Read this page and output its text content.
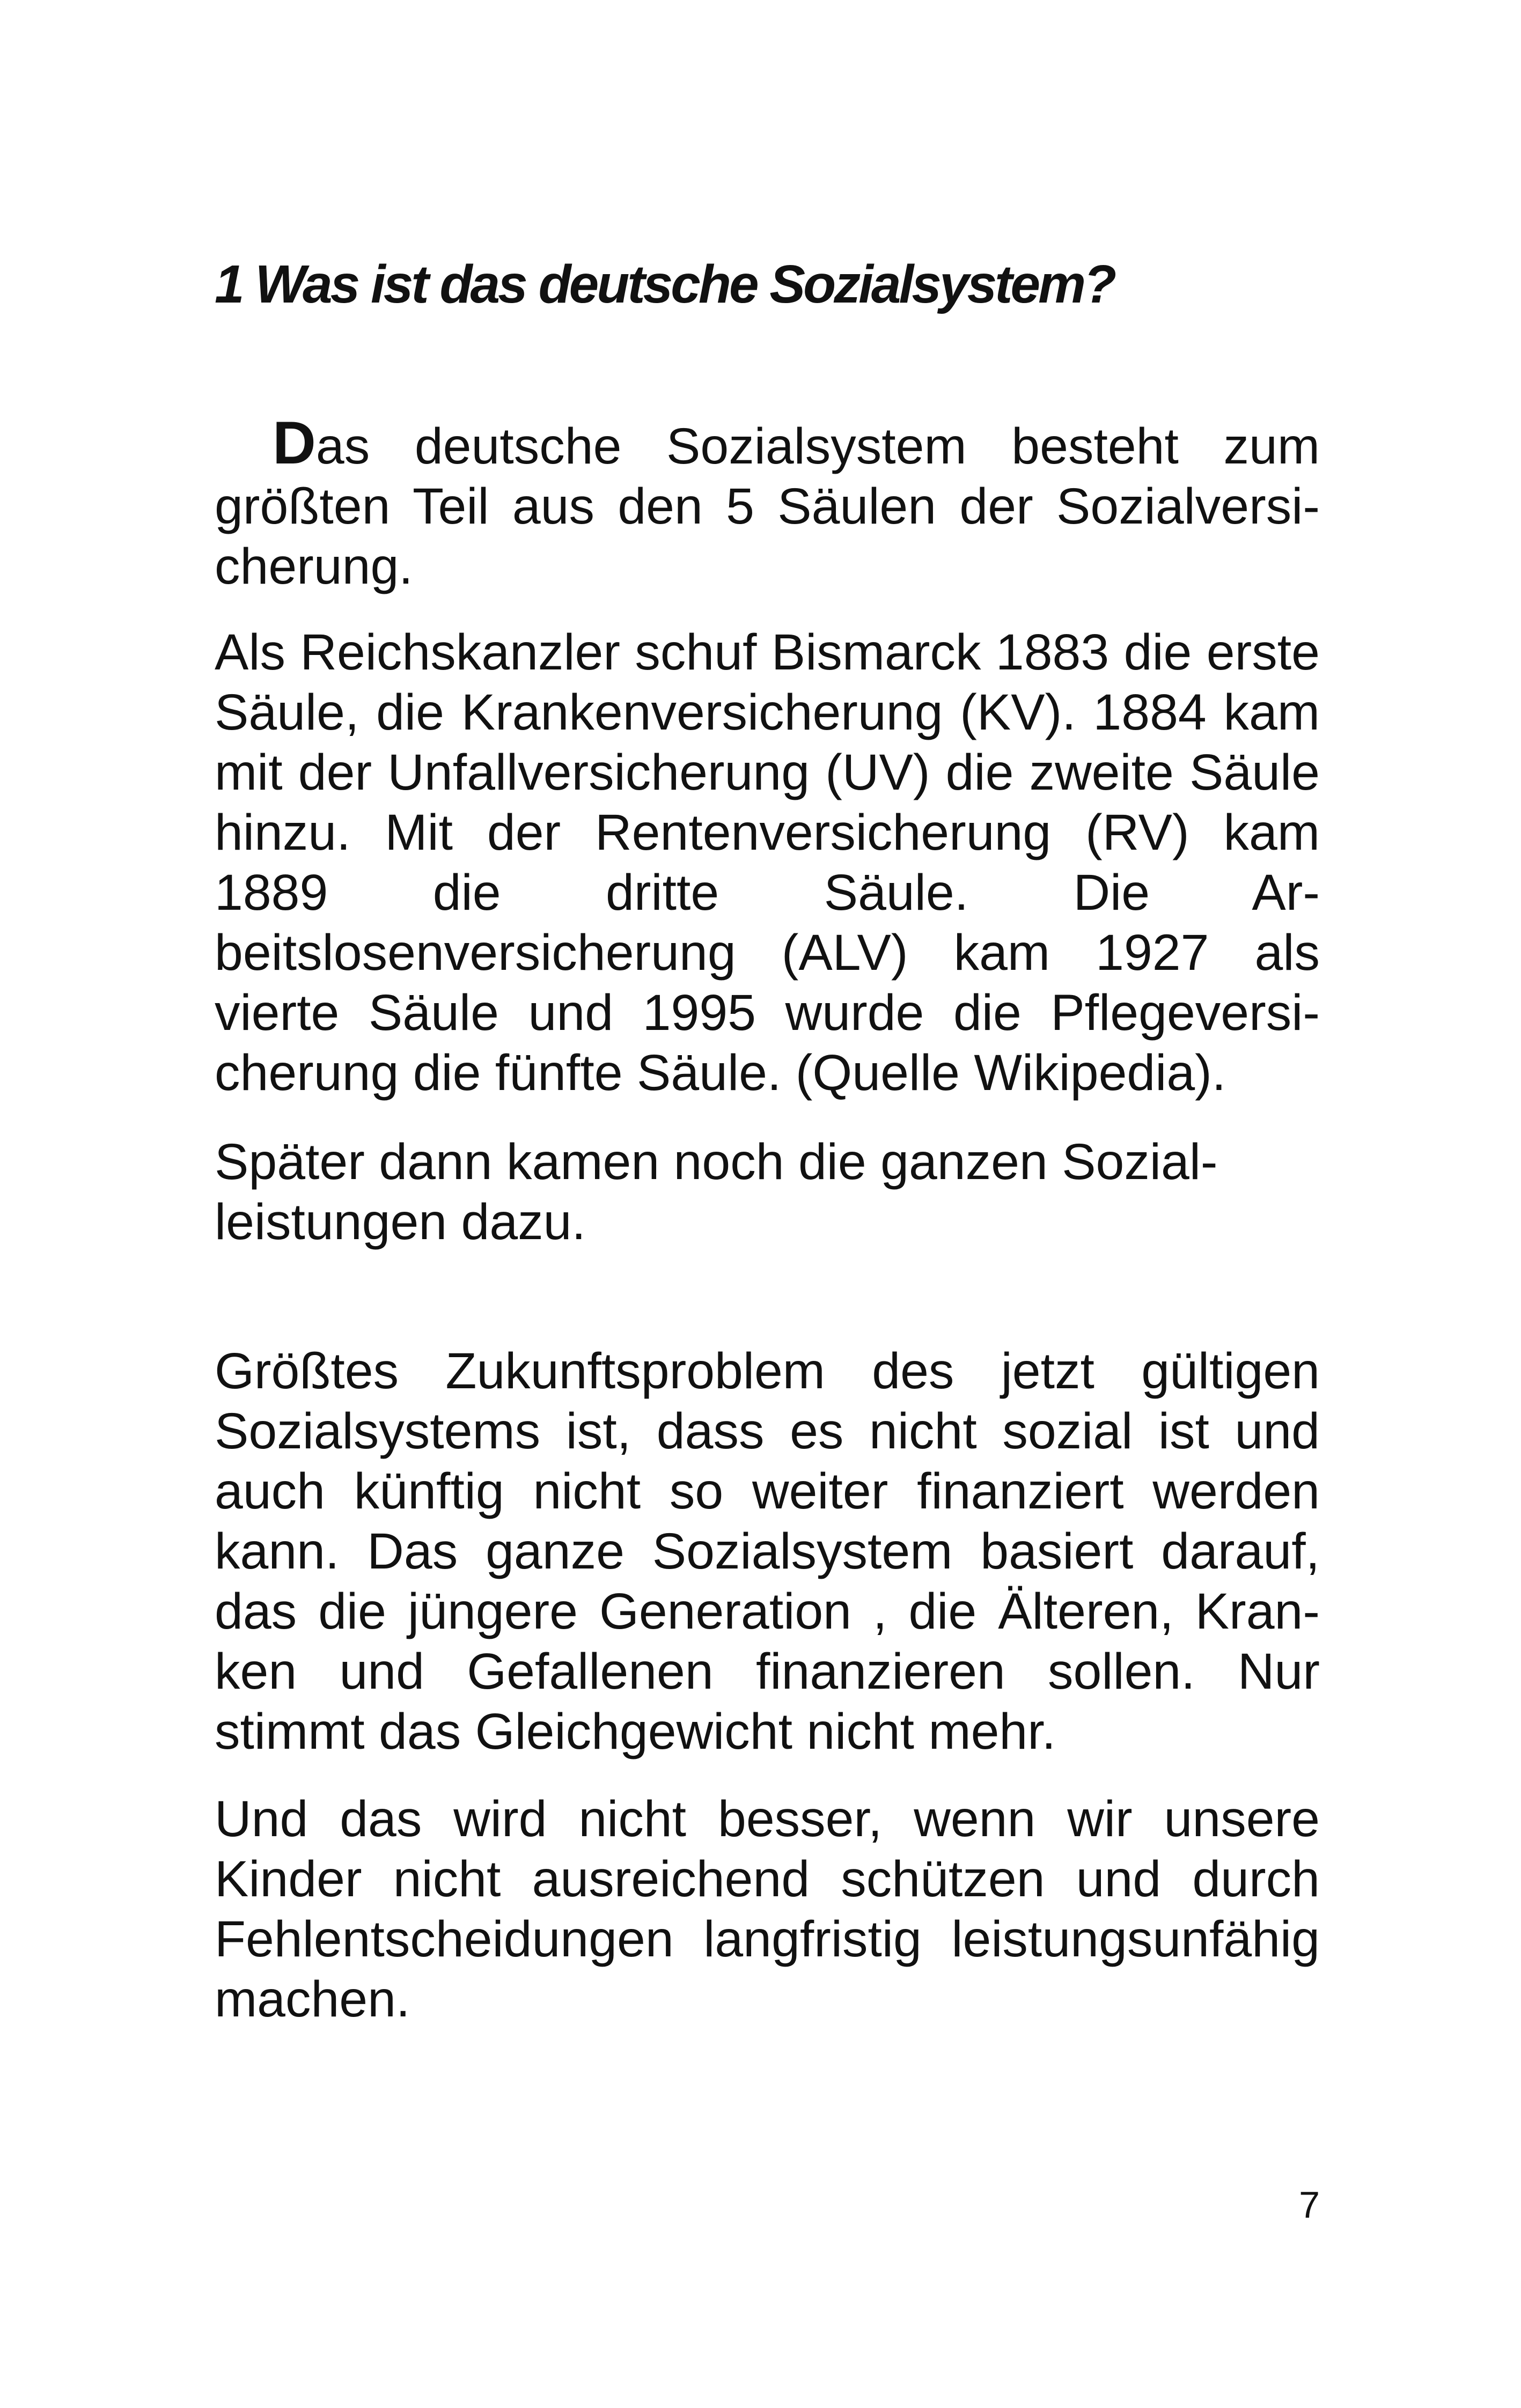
1 Was ist das deutsche Sozialsystem?

Das deutsche Sozialsystem besteht zum größten Teil aus den 5 Säulen der Sozialversicherung.

Als Reichskanzler schuf Bismarck 1883 die erste Säule, die Krankenversicherung (KV). 1884 kam mit der Unfallversicherung (UV) die zweite Säule hinzu. Mit der Rentenversicherung (RV) kam 1889 die dritte Säule. Die Arbeitslosenversicherung (ALV) kam 1927 als vierte Säule und 1995 wurde die Pflegeversicherung die fünfte Säule. (Quelle Wikipedia).

Später dann kamen noch die ganzen Sozial-
leistungen dazu.

Größtes Zukunftsproblem des jetzt gültigen Sozialsystems ist, dass es nicht sozial ist und auch künftig nicht so weiter finanziert werden kann. Das ganze Sozialsystem basiert darauf, das die jüngere Generation , die Älteren, Kranken und Gefallenen finanzieren sollen. Nur stimmt das Gleichgewicht nicht mehr.

Und das wird nicht besser, wenn wir unsere Kinder nicht ausreichend schützen und durch Fehlentscheidungen langfristig leistungsunfähig machen.

7
